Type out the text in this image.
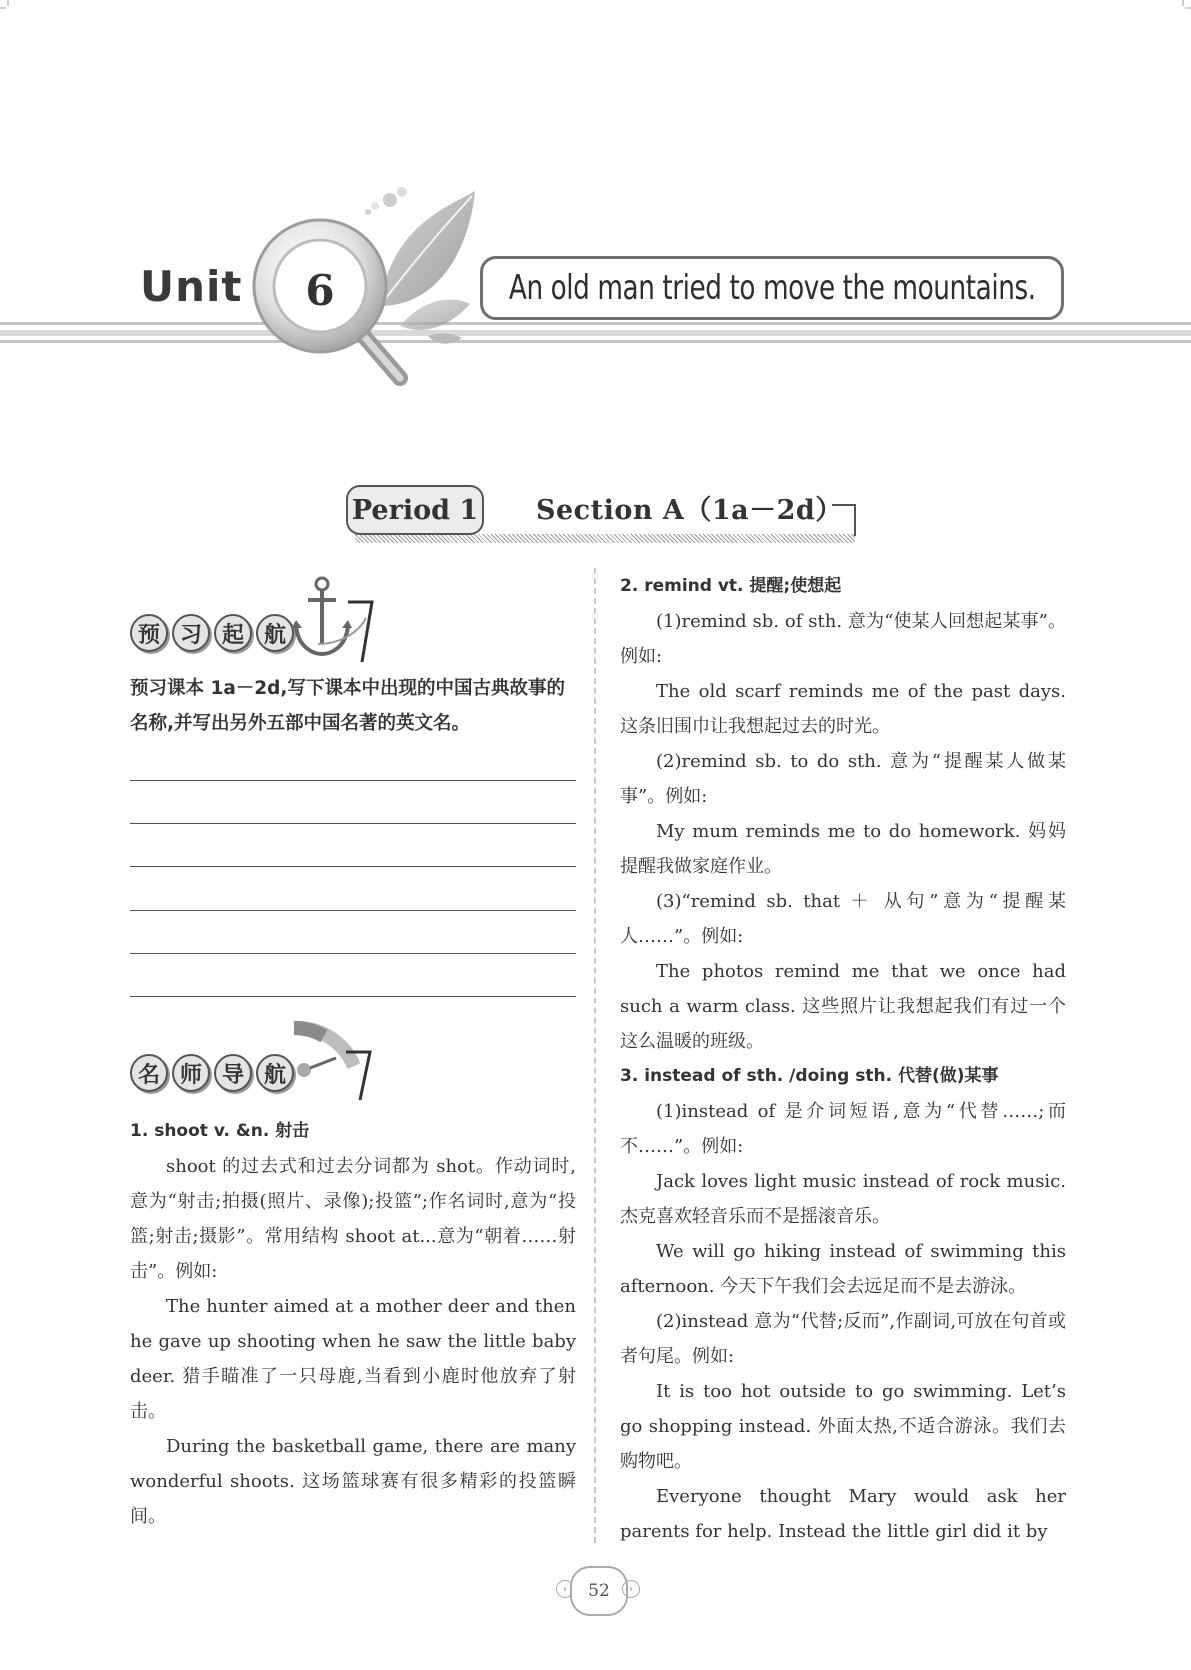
Unit	6	An old man tried to move the mountains.
Period 1 Section A（1a－2d）
预 习 起 航
预习课本 1a－2d,写下课本中出现的中国古典故事的名称,并写出另外五部中国名著的英文名。
名 师 导 航

1. shoot v. &n. 射击

shoot 的过去式和过去分词都为 shot。作动词时,意为“射击;拍摄(照片、录像);投篮”;作名词时,意为“投篮;射击;摄影”。常用结构 shoot at...意为“朝着……射击”。例如:

The hunter aimed at a mother deer and then he gave up shooting when he saw the little baby deer. 猎手瞄准了一只母鹿,当看到小鹿时他放弃了射击。

During the basketball game, there are many wonderful shoots. 这场篮球赛有很多精彩的投篮瞬间。

2. remind vt. 提醒;使想起

(1)remind sb. of sth. 意为“使某人回想起某事”。例如:

The old scarf reminds me of the past days. 这条旧围巾让我想起过去的时光。

(2)remind sb. to do sth. 意为“提醒某人做某事”。例如:

My mum reminds me to do homework. 妈妈提醒我做家庭作业。

(3)“remind sb. that ＋ 从句”意为“提醒某人……”。例如:

The photos remind me that we once had such a warm class. 这些照片让我想起我们有过一个这么温暖的班级。

3. instead of sth. /doing sth. 代替(做)某事

(1)instead of 是介词短语,意为“代替……;而不……”。例如:

Jack loves light music instead of rock music. 杰克喜欢轻音乐而不是摇滚音乐。

We will go hiking instead of swimming this afternoon. 今天下午我们会去远足而不是去游泳。

(2)instead 意为“代替;反而”,作副词,可放在句首或者句尾。例如:

It is too hot outside to go swimming. Let’s go shopping instead. 外面太热,不适合游泳。我们去购物吧。

Everyone thought Mary would ask her parents for help. Instead the little girl did it by

‹	52	›
